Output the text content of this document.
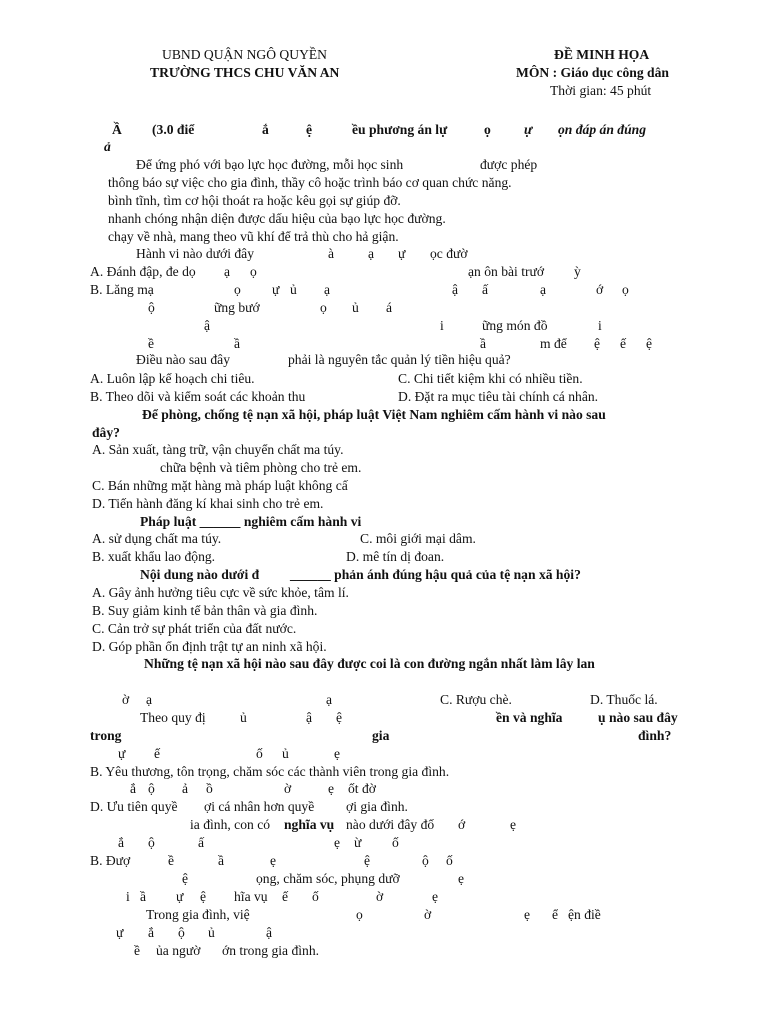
UBND QUẬN NGÔ QUYỀN
TRƯỜNG THCS CHU VĂN AN
ĐỀ MINH HỌA
MÔN : Giáo dục công dân
Thời gian: 45 phút
Ầ (3.0 điể	ắ	ệ	ều phương án lự	ọ ự ọn đáp án đúng
ả
Để ứng phó với bạo lực học đường, mỗi học sinh	được phép
thông báo sự việc cho gia đình, thầy cô hoặc trình báo cơ quan chức năng.
bình tĩnh, tìm cơ hội thoát ra hoặc kêu gọi sự giúp đỡ.
nhanh chóng nhận diện được dấu hiệu của bạo lực học đường.
chạy về nhà, mang theo vũ khí để trả thù cho hả giận.
Hành vi nào dưới đây	à ạ ự ọc đườ
A. Đánh đập, đe dọ ạ ọ	ạn ôn bài trướ ỳ
B. Lăng mạ	ọ ự ủ ạ	ậ ấ	ạ	ớ ọ
ộ	ững bướ	ọ ủ á
ậ	i	ững món đồ	i
ề	ầ	ầ	m để ệ ế ệ
Điều nào sau đây	phải là nguyên tắc quản lý tiền hiệu quả?
A. Luôn lập kế hoạch chi tiêu.	C. Chi tiết kiệm khi có nhiều tiền.
B. Theo dõi và kiểm soát các khoản thu	D. Đặt ra mục tiêu tài chính cá nhân.
Để phòng, chống tệ nạn xã hội, pháp luật Việt Nam nghiêm cấm hành vi nào sau
đây?
A. Sản xuất, tàng trữ, vận chuyển chất ma túy.
chữa bệnh và tiêm phòng cho trẻ em.
C. Bán những mặt hàng mà pháp luật không cấ
D. Tiến hành đăng kí khai sinh cho trẻ em.
Pháp luật ______ nghiêm cấm hành vi
A. sử dụng chất ma túy.	C. môi giới mại dâm.
B. xuất khẩu lao động.	D. mê tín dị đoan.
Nội dung nào dưới đ ______ phản ánh đúng hậu quả của tệ nạn xã hội?
A. Gây ảnh hưởng tiêu cực về sức khỏe, tâm lí.
B. Suy giảm kinh tế bản thân và gia đình.
C. Cản trở sự phát triển của đất nước.
D. Góp phần ổn định trật tự an ninh xã hội.
Những tệ nạn xã hội nào sau đây được coi là con đường ngắn nhất làm lây lan
ờ ạ	ạ	C. Rượu chè.	D. Thuốc lá.
Theo quy đị	ủ	ậ ệ	ền và nghĩa	ụ nào sau đây
trong	gia	đình?
ự ế	ố ủ	ẹ
B. Yêu thương, tôn trọng, chăm sóc các thành viên trong gia đình.
ắ ộ ả ồ	ờ	ẹ ốt đờ
D. Ưu tiên quyề ợi cá nhân hơn quyề ợi gia đình.
ia đình, con có nghĩa vụ nào dưới đây đố ớ	ẹ
ắ ộ	ấ	ẹ ừ ố
B. Đượ	ề	ầ	ẹ	ệ	ộ ố
ệ	ọng, chăm sóc, phụng dưỡ	ẹ
i ầ ự ệ hĩa vụ ế ố	ờ	ẹ
Trong gia đình, việ	ọ	ờ	ẹ ể ện điề
ự ắ ộ ủ	ậ
ề ủa ngườ ớn trong gia đình.
